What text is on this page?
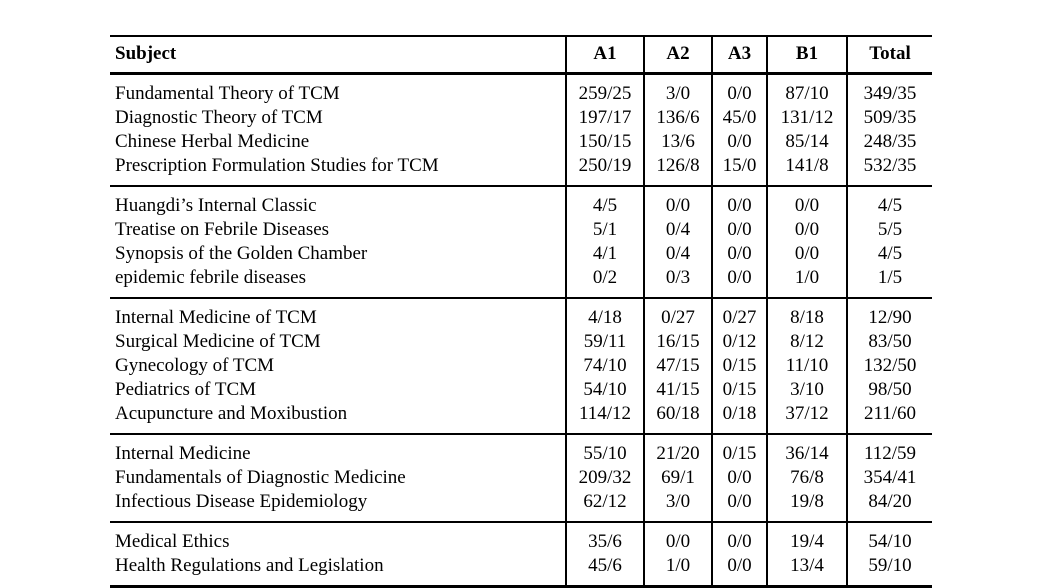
Subject	A1	A2	A3	B1	Total
Fundamental Theory of TCM	259/25	3/0	0/0	87/10	349/35
Diagnostic Theory of TCM	197/17	136/6	45/0	131/12	509/35
Chinese Herbal Medicine	150/15	13/6	0/0	85/14	248/35
Prescription Formulation Studies for TCM	250/19	126/8	15/0	141/8	532/35
Huangdi’s Internal Classic	4/5	0/0	0/0	0/0	4/5
Treatise on Febrile Diseases	5/1	0/4	0/0	0/0	5/5
Synopsis of the Golden Chamber	4/1	0/4	0/0	0/0	4/5
epidemic febrile diseases	0/2	0/3	0/0	1/0	1/5
Internal Medicine of TCM	4/18	0/27	0/27	8/18	12/90
Surgical Medicine of TCM	59/11	16/15	0/12	8/12	83/50
Gynecology of TCM	74/10	47/15	0/15	11/10	132/50
Pediatrics of TCM	54/10	41/15	0/15	3/10	98/50
Acupuncture and Moxibustion	114/12	60/18	0/18	37/12	211/60
Internal Medicine	55/10	21/20	0/15	36/14	112/59
Fundamentals of Diagnostic Medicine	209/32	69/1	0/0	76/8	354/41
Infectious Disease Epidemiology	62/12	3/0	0/0	19/8	84/20
Medical Ethics	35/6	0/0	0/0	19/4	54/10
Health Regulations and Legislation	45/6	1/0	0/0	13/4	59/10
